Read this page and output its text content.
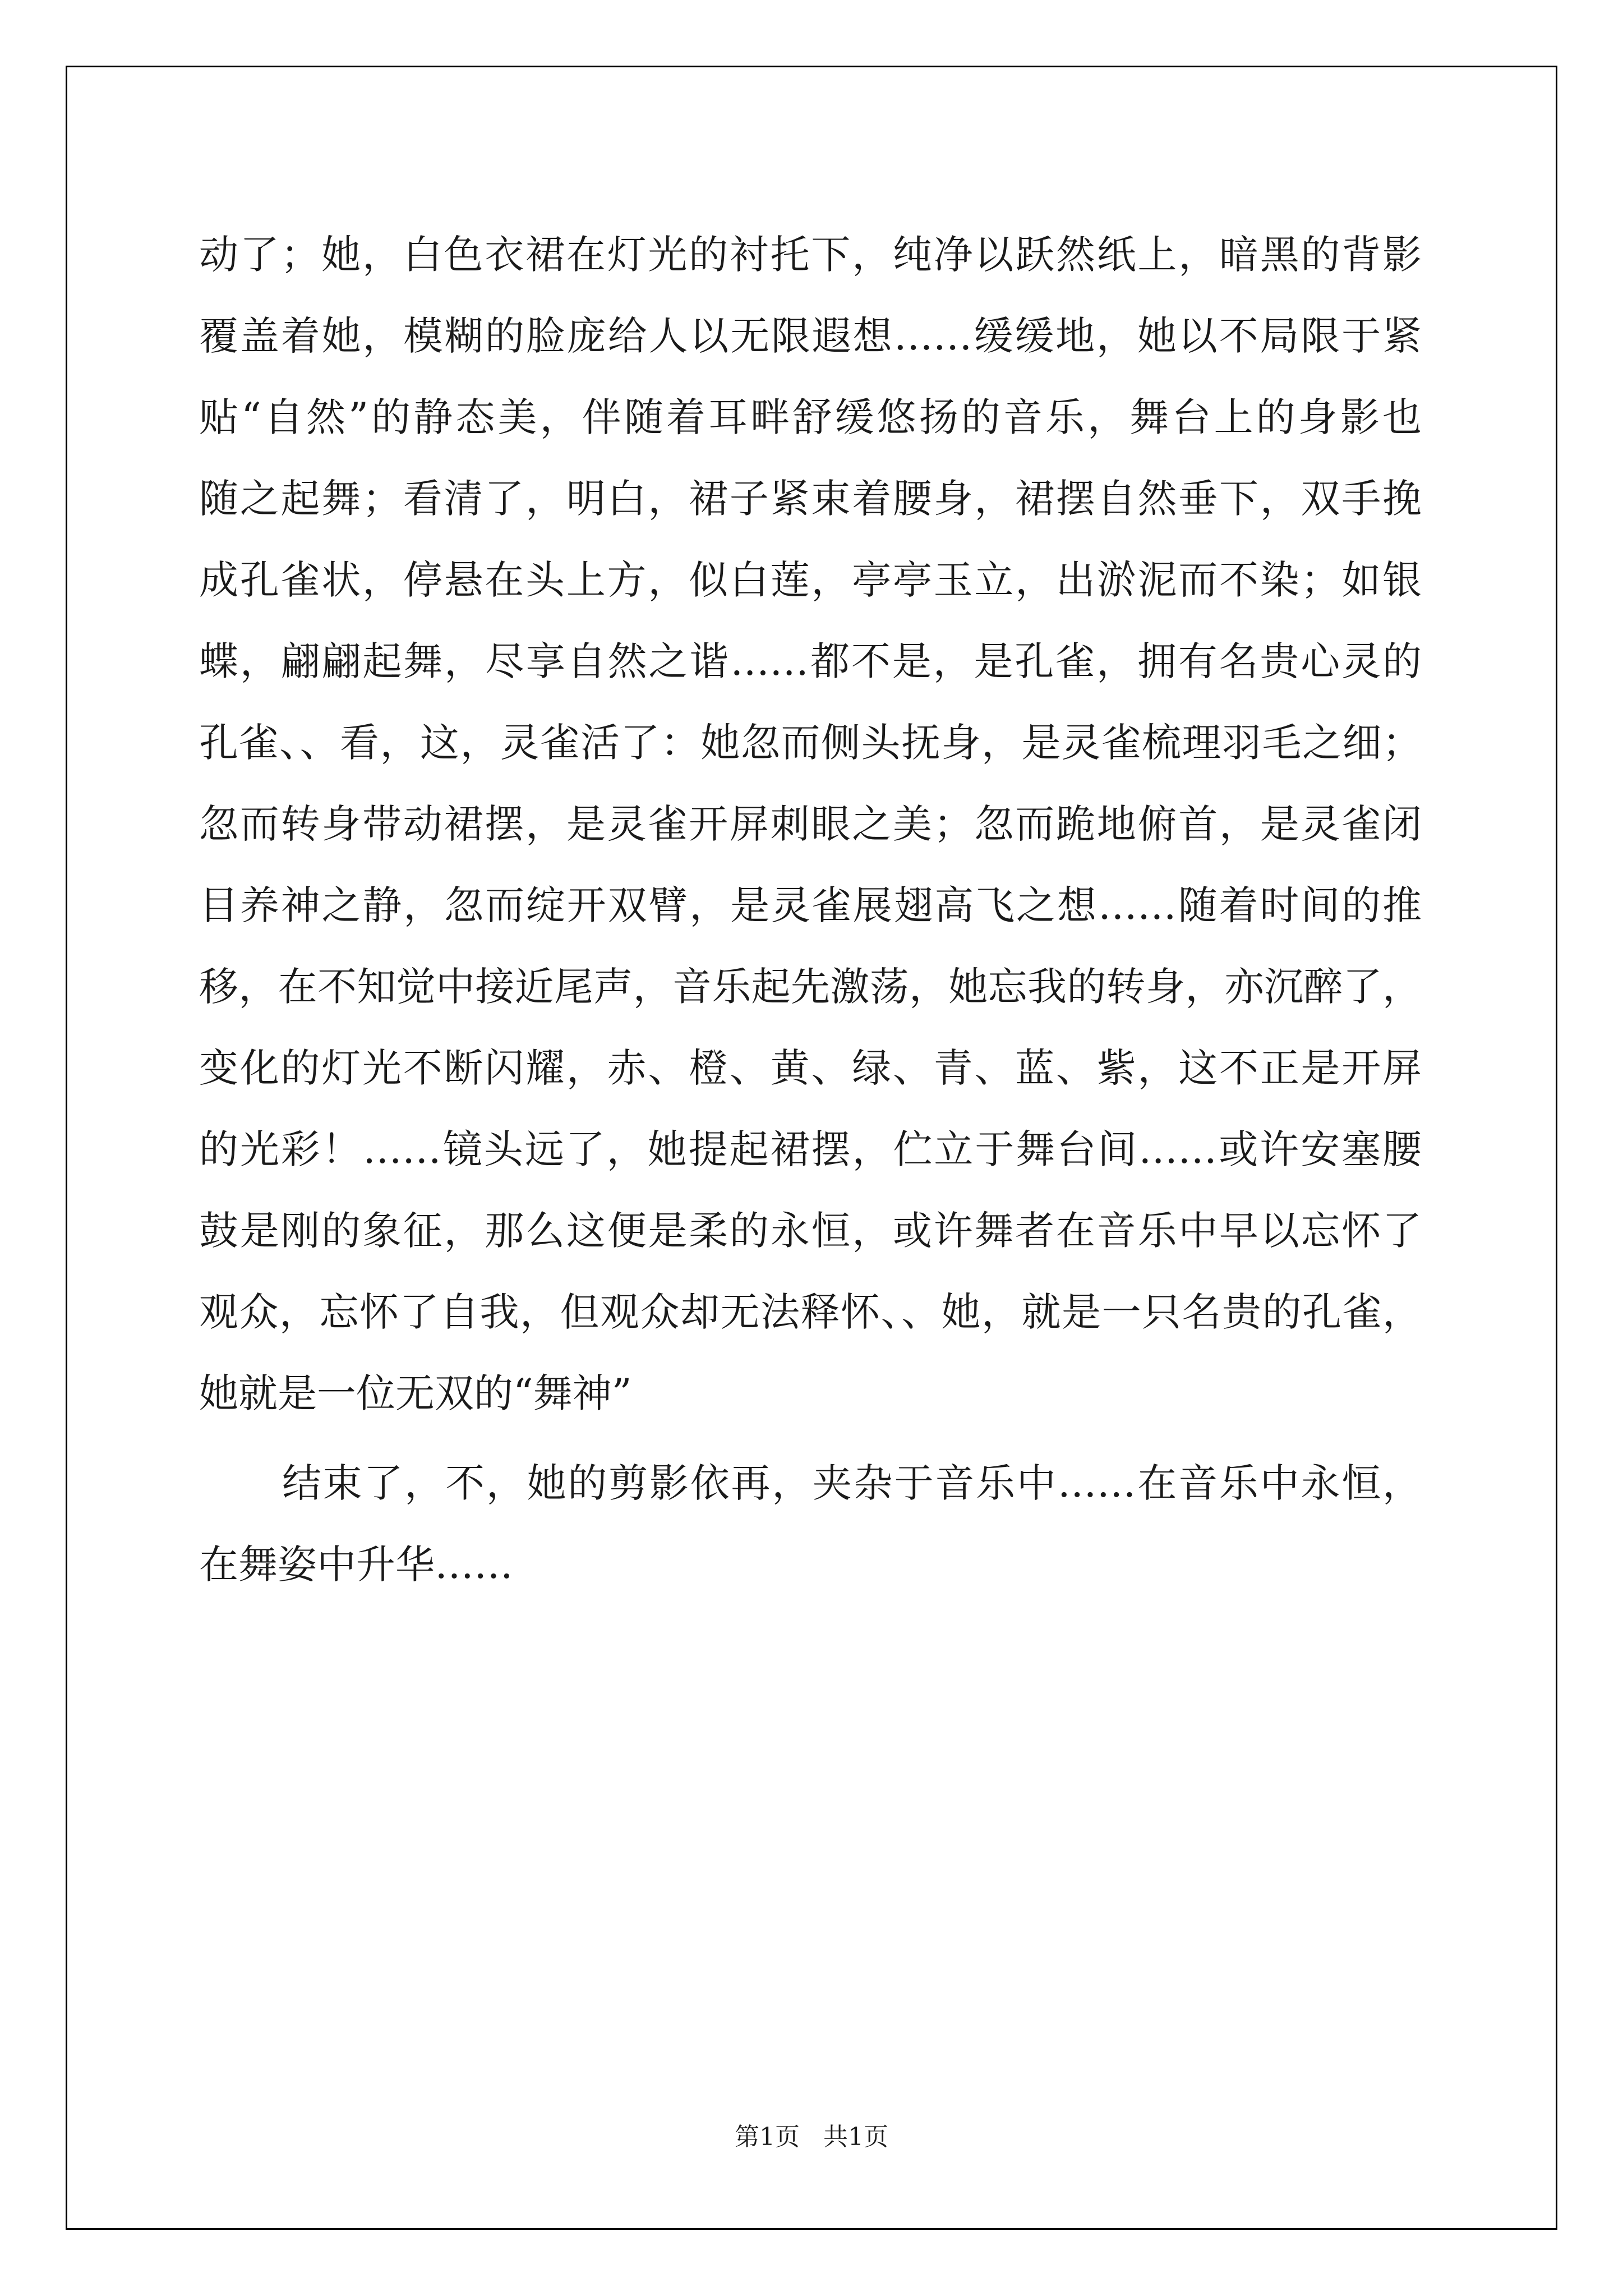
动了；她，白色衣裙在灯光的衬托下，纯净以跃然纸上，暗黑的背影
覆盖着她，模糊的脸庞给人以无限遐想……缓缓地，她以不局限于紧
贴“自然”的静态美，伴随着耳畔舒缓悠扬的音乐，舞台上的身影也
随之起舞；看清了，明白，裙子紧束着腰身，裙摆自然垂下，双手挽
成孔雀状，停悬在头上方，似白莲，亭亭玉立，出淤泥而不染；如银
蝶，翩翩起舞，尽享自然之谐……都不是，是孔雀，拥有名贵心灵的
孔雀、、看，这，灵雀活了：她忽而侧头抚身，是灵雀梳理羽毛之细；
忽而转身带动裙摆，是灵雀开屏刺眼之美；忽而跪地俯首，是灵雀闭
目养神之静，忽而绽开双臂，是灵雀展翅高飞之想……随着时间的推
移，在不知觉中接近尾声，音乐起先激荡，她忘我的转身，亦沉醉了，
变化的灯光不断闪耀，赤、橙、黄、绿、青、蓝、紫，这不正是开屏
的光彩！……镜头远了，她提起裙摆，伫立于舞台间……或许安塞腰
鼓是刚的象征，那么这便是柔的永恒，或许舞者在音乐中早以忘怀了
观众，忘怀了自我，但观众却无法释怀、、她，就是一只名贵的孔雀，
她就是一位无双的“舞神”
结束了，不，她的剪影依再，夹杂于音乐中……在音乐中永恒，
在舞姿中升华……
第1页   共1页
